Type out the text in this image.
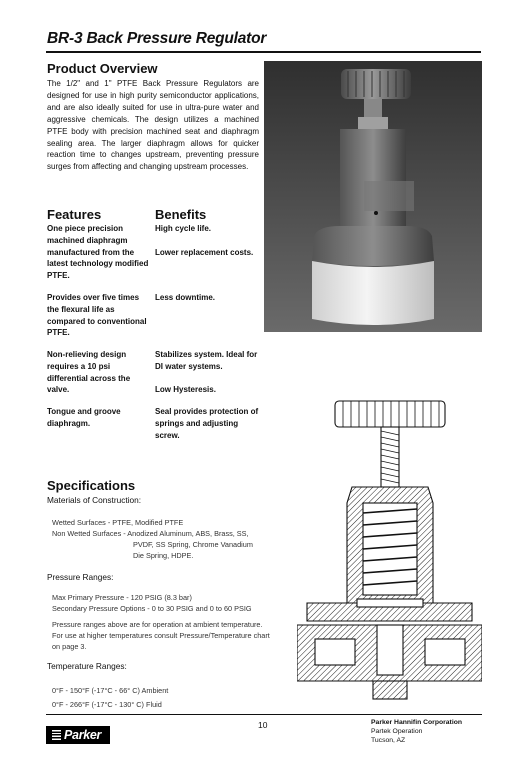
BR-3 Back Pressure Regulator
Product Overview
The 1/2" and 1" PTFE Back Pressure Regulators are designed for use in high purity semiconductor applications, and are also ideally suited for use in ultra-pure water and aggressive chemicals. The design utilizes a machined PTFE body with precision machined seat and diaphragm sealing area. The larger diaphragm allows for quicker reaction time to changes upstream, preventing pressure surges from affecting and changing upstream processes.
Features	Benefits
One piece precision machined diaphragm manufactured from the latest technology modified PTFE.
High cycle life.

Lower replacement costs.
Provides over five times the flexural life as compared to conventional PTFE.
Less downtime.
Non-relieving design requires a 10 psi differential across the valve.
Stabilizes system. Ideal for DI water systems.

Low Hysteresis.
Tongue and groove diaphragm.
Seal provides protection of springs and adjusting screw.
Specifications
Materials of Construction:
Wetted Surfaces - PTFE, Modified PTFE
Non Wetted Surfaces - Anodized Aluminum, ABS, Brass, SS,
PVDF, SS Spring, Chrome Vanadium
Die Spring, HDPE.
Pressure Ranges:
Max Primary Pressure - 120 PSIG (8.3 bar)
Secondary Pressure Options - 0 to 30 PSIG and 0 to 60 PSIG
Pressure ranges above are for operation at ambient temperature. For use at higher temperatures consult Pressure/Temperature chart on page 3.
Temperature Ranges:
0°F - 150°F (-17°C - 66° C) Ambient
0°F - 266°F (-17°C - 130° C) Fluid
Parker
10	Parker Hannifin Corporation
Partek Operation
Tucson, AZ
